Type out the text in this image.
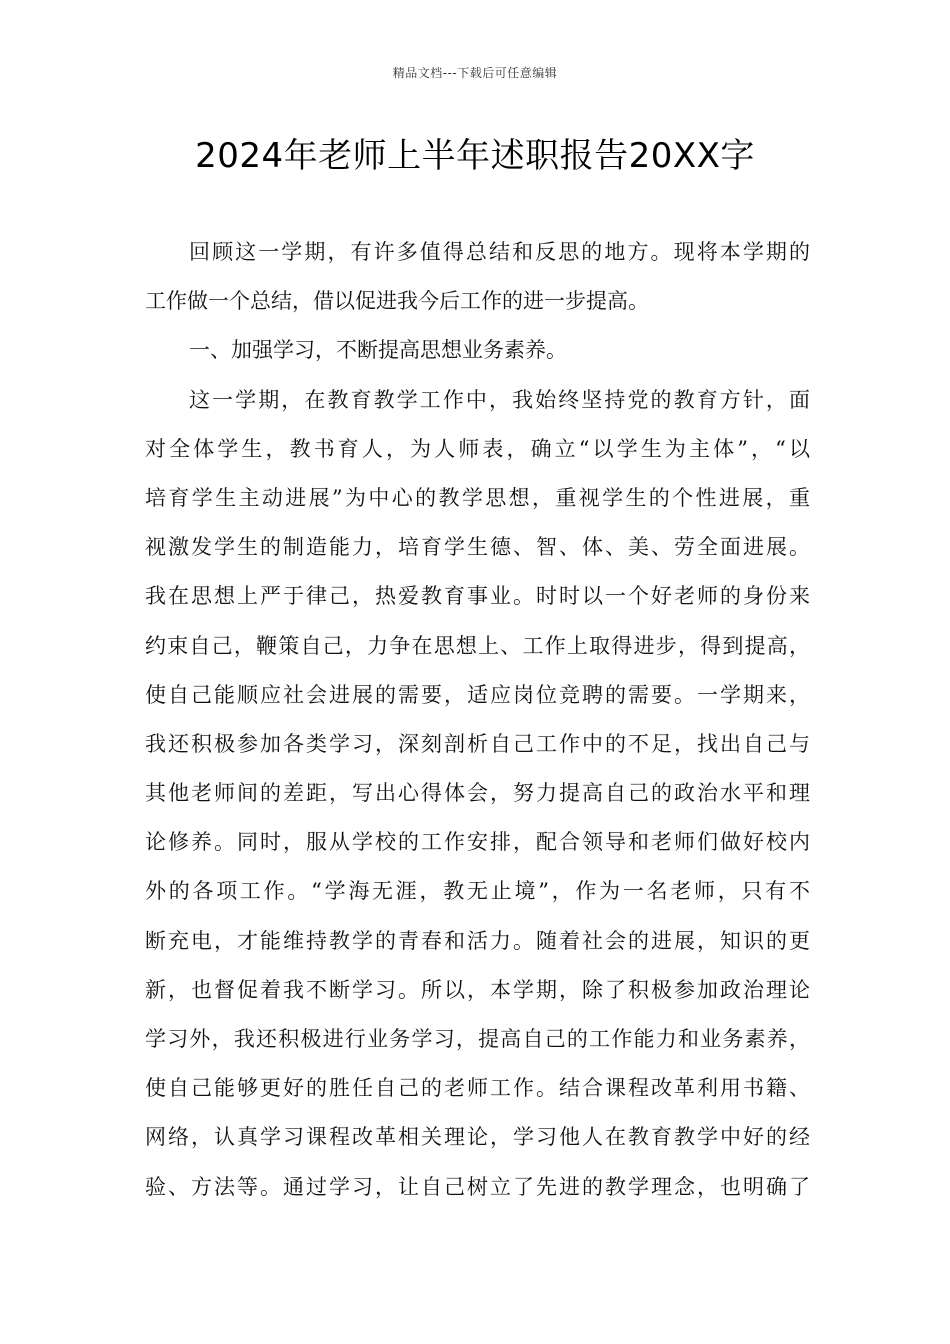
精品文档---下载后可任意编辑
2024年老师上半年述职报告20XX字
回顾这一学期，有许多值得总结和反思的地方。现将本学期的
工作做一个总结，借以促进我今后工作的进一步提高。
一、加强学习，不断提高思想业务素养。
这一学期，在教育教学工作中，我始终坚持党的教育方针，面
对全体学生，教书育人，为人师表，确立“以学生为主体”，“以
培育学生主动进展”为中心的教学思想，重视学生的个性进展，重
视激发学生的制造能力，培育学生德、智、体、美、劳全面进展。
我在思想上严于律己，热爱教育事业。时时以一个好老师的身份来
约束自己，鞭策自己，力争在思想上、工作上取得进步，得到提高，
使自己能顺应社会进展的需要，适应岗位竞聘的需要。一学期来，
我还积极参加各类学习，深刻剖析自己工作中的不足，找出自己与
其他老师间的差距，写出心得体会，努力提高自己的政治水平和理
论修养。同时，服从学校的工作安排，配合领导和老师们做好校内
外的各项工作。“学海无涯，教无止境”，作为一名老师，只有不
断充电，才能维持教学的青春和活力。随着社会的进展，知识的更
新，也督促着我不断学习。所以，本学期，除了积极参加政治理论
学习外，我还积极进行业务学习，提高自己的工作能力和业务素养，
使自己能够更好的胜任自己的老师工作。结合课程改革利用书籍、
网络，认真学习课程改革相关理论，学习他人在教育教学中好的经
验、方法等。通过学习，让自己树立了先进的教学理念，也明确了
